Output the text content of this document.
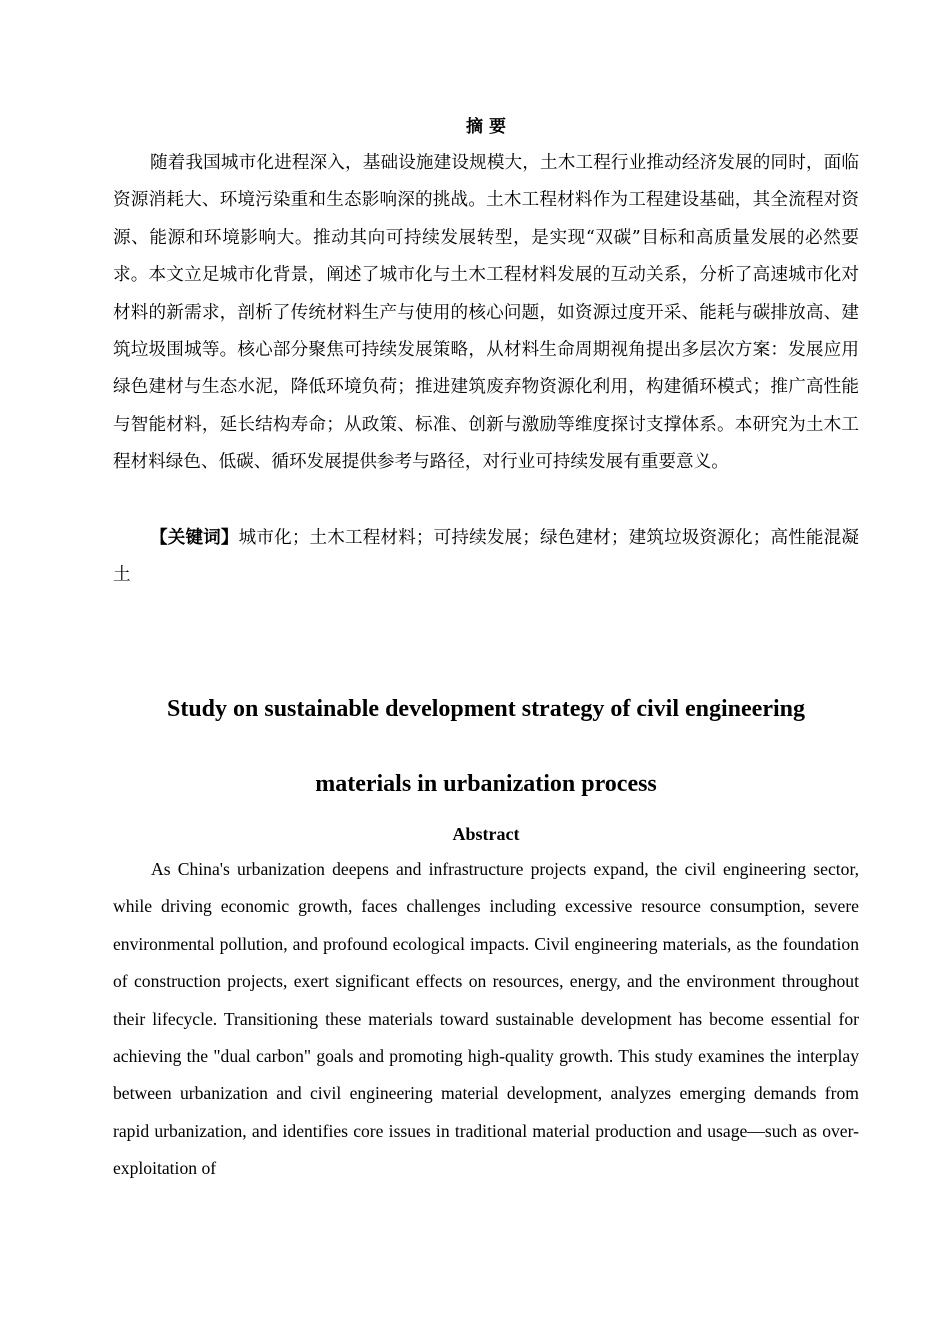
摘要

随着我国城市化进程深入，基础设施建设规模大，土木工程行业推动经济发展的同时，面临资源消耗大、环境污染重和生态影响深的挑战。土木工程材料作为工程建设基础，其全流程对资源、能源和环境影响大。推动其向可持续发展转型，是实现“双碳”目标和高质量发展的必然要求。本文立足城市化背景，阐述了城市化与土木工程材料发展的互动关系，分析了高速城市化对材料的新需求，剖析了传统材料生产与使用的核心问题，如资源过度开采、能耗与碳排放高、建筑垃圾围城等。核心部分聚焦可持续发展策略，从材料生命周期视角提出多层次方案：发展应用绿色建材与生态水泥，降低环境负荷；推进建筑废弃物资源化利用，构建循环模式；推广高性能与智能材料，延长结构寿命；从政策、标准、创新与激励等维度探讨支撑体系。本研究为土木工程材料绿色、低碳、循环发展提供参考与路径，对行业可持续发展有重要意义。

【关键词】城市化；土木工程材料；可持续发展；绿色建材；建筑垃圾资源化；高性能混凝土

Study on sustainable development strategy of civil engineering
materials in urbanization process
Abstract

As China's urbanization deepens and infrastructure projects expand, the civil engineering sector, while driving economic growth, faces challenges including excessive resource consumption, severe environmental pollution, and profound ecological impacts. Civil engineering materials, as the foundation of construction projects, exert significant effects on resources, energy, and the environment throughout their lifecycle. Transitioning these materials toward sustainable development has become essential for achieving the "dual carbon" goals and promoting high-quality growth. This study examines the interplay between urbanization and civil engineering material development, analyzes emerging demands from rapid urbanization, and identifies core issues in traditional material production and usage—such as over-exploitation of
